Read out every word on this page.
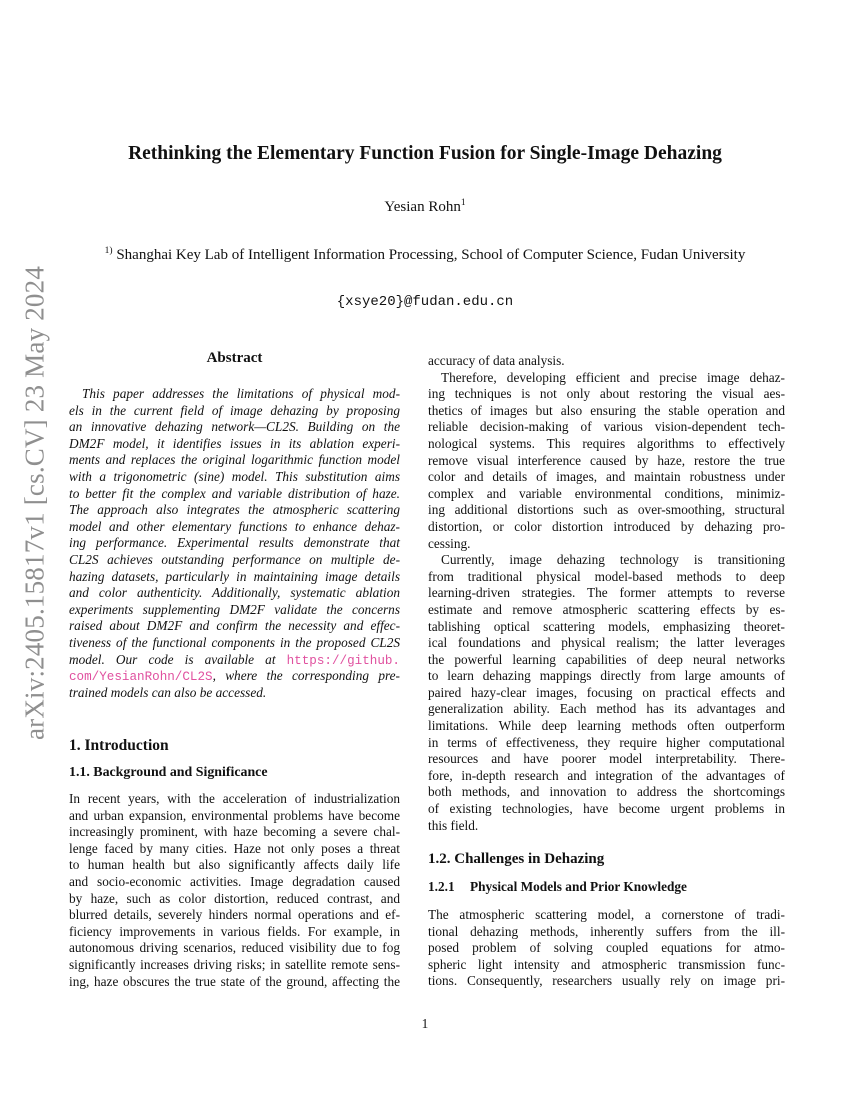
Rethinking the Elementary Function Fusion for Single-Image Dehazing
Yesian Rohn$^1$
$^{1)}$ Shanghai Key Lab of Intelligent Information Processing, School of Computer Science, Fudan University
{xsye20}@fudan.edu.cn
arXiv:2405.15817v1 [cs.CV] 23 May 2024	Abstract
This paper addresses the limitations of physical mod-
els in the current field of image dehazing by proposing
an innovative dehazing network—CL2S. Building on the
DM2F model, it identifies issues in its ablation experi-
ments and replaces the original logarithmic function model
with a trigonometric (sine) model. This substitution aims
to better fit the complex and variable distribution of haze.
The approach also integrates the atmospheric scattering
model and other elementary functions to enhance dehaz-
ing performance. Experimental results demonstrate that
CL2S achieves outstanding performance on multiple de-
hazing datasets, particularly in maintaining image details
and color authenticity. Additionally, systematic ablation
experiments supplementing DM2F validate the concerns
raised about DM2F and confirm the necessity and effec-
tiveness of the functional components in the proposed CL2S
model. Our code is available at https://github.
com/YesianRohn/CL2S, where the corresponding pre-
trained models can also be accessed.
1. Introduction
1.1. Background and Significance
In recent years, with the acceleration of industrialization
and urban expansion, environmental problems have become
increasingly prominent, with haze becoming a severe chal-
lenge faced by many cities. Haze not only poses a threat
to human health but also significantly affects daily life
and socio-economic activities. Image degradation caused
by haze, such as color distortion, reduced contrast, and
blurred details, severely hinders normal operations and ef-
ficiency improvements in various fields. For example, in
autonomous driving scenarios, reduced visibility due to fog
significantly increases driving risks; in satellite remote sens-
ing, haze obscures the true state of the ground, affecting the
accuracy of data analysis.
Therefore, developing efficient and precise image dehaz-
ing techniques is not only about restoring the visual aes-
thetics of images but also ensuring the stable operation and
reliable decision-making of various vision-dependent tech-
nological systems. This requires algorithms to effectively
remove visual interference caused by haze, restore the true
color and details of images, and maintain robustness under
complex and variable environmental conditions, minimiz-
ing additional distortions such as over-smoothing, structural
distortion, or color distortion introduced by dehazing pro-
cessing.
Currently, image dehazing technology is transitioning
from traditional physical model-based methods to deep
learning-driven strategies. The former attempts to reverse
estimate and remove atmospheric scattering effects by es-
tablishing optical scattering models, emphasizing theoret-
ical foundations and physical realism; the latter leverages
the powerful learning capabilities of deep neural networks
to learn dehazing mappings directly from large amounts of
paired hazy-clear images, focusing on practical effects and
generalization ability. Each method has its advantages and
limitations. While deep learning methods often outperform
in terms of effectiveness, they require higher computational
resources and have poorer model interpretability. There-
fore, in-depth research and integration of the advantages of
both methods, and innovation to address the shortcomings
of existing technologies, have become urgent problems in
this field.
1.2. Challenges in Dehazing
1.2.1 Physical Models and Prior Knowledge
The atmospheric scattering model, a cornerstone of tradi-
tional dehazing methods, inherently suffers from the ill-
posed problem of solving coupled equations for atmo-
spheric light intensity and atmospheric transmission func-
tions. Consequently, researchers usually rely on image pri-
1
